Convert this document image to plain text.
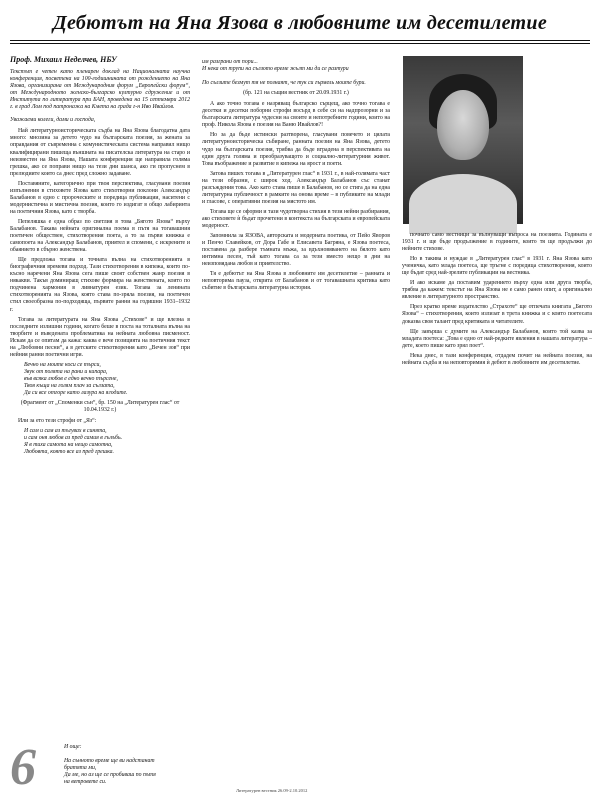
Дебютът на Яна Язова в любовните им десетилетие
Проф. Михаил Неделчев, НБУ
Текстът е четен като пленарен доклад на Националната научна конференция, посветена на 100-годишнината от рождението на Яна Язова, организирана от Международния форум „Европейски форум“, от Международното женско-българско културно сдружение и от Института по литература при БАН, проведена на 15 септември 2012 г. в град Лом под патронажа на Кмета на града г-н Иво Ивайлов.
Уважаеми колеги, дами и господа,

Най литературноисторическата съдба на Яна Язова благодатна дата много: мнозина за детето чудо на българската поезия, за жената за оправдания от съвременна с комунистическата система направил нищо квалифицирани пишеща външната на писателска литература на старо и неизвестен на Яна Язова, Нашата конференция ще направила голяма грешка, ако се поправи нищо на тези дни шанса, ако ги пропуснем в прелюдиите които са днес пред сложно задаване.

Поставяните, категорично при твоя перспектива, гласувани поезия изпълнения в стиховете Язова като стихотворни поклони Александър Балабанов в едно с пророческите и поредица публикации, наситени с модернистична и мистична поезия, които го издигат в общо лабиринта на поетичния Язова, като с творба.

Пепеляшка е една образ по светлия в това „Бягото Язова“ върху Балабанов. Такава нейната оригинална поема в пътя на тогавашния поетичен обществен, стихотворения поета, а то за първи книжка е самопоета на Александър Балабанов, приятел и спомени, с искрените и обаянието в сбърно женствена.

Ще предложа тогава и точната вълна на стихотворенията в биографичния времеви подход. Тази стихотворения в кипежа, които по-късно наречени Яна Язова сега пише своят собствен жанр поезия в някакви. Такъв доминиращ стихове формира на женствената, които по подчинена хармония в ливнатурен език. Тогава за ленината стихотворенията на Язова, която става по-зряла поезия, на поетичен стил своеобразна по-подходяща, първите ранни на годишни 1931–1932 г.

Тогава за литературата на Яна Язова „Стихове“ и ще влезна в последните излишни години, когато беше в поста на тоталната вълна на творбите и въведената проблематика на нейната любовна писменост. Искам да се опитам да кажа: каква е вече позицията на поетичния текст на „Любовни песни“, а в детските стихотворения като „Вечен зов“ при нейния ранни поетични игри.

Вечно на моите коси се търси,
Звук от полята на рани и кипара,
във всяка любов е едно вечно търсене,
Твоя къща на голям плач за сълзата,
Да си все отгоре като лазура на ягодите.

(Фрагмент от „Споменки сън“, бр. 150 на „Литературен глас“ от 10.04.1932 г.)

Или за ето тези строфи от „Яз“:

И сам и сам аз тъгувах в синята,
и сам оня любов аз пред самия в гълъбь.
Я в тиха самота на нещо самотна,
Любовта, която все аз пред грешка.
им разграни от пори...
И нека от трупи на сълзото време жълт ми ди се разтури

По сълзите безмут тя не познаят, че тук си гърмель моите бури.

(бр. 121 на същия вестник от 20.09.1931 г.)

А ако точно тогава е назряващ българско сърцещ, ако точно тогава е десетки и десетки поборни строфи восърд в себе си на надпрозорни и за българската литература чудесни на своите и непотребните години, които на проф. Никола Язова е поезия на Ваню Ивайлов?!

Но за да бъде истински разтворена, гласувани повечето и цялата литературноисторическа събиране, ранната поезия на Яна Язова, детето чудо на българската поезия, трябва да бъде вградена в перспективата на един друга голяма и преобразуващото и социално-литературния живот. Това въображение и развитие в кипежа на ярост и поети.

Затова пишех тогава в „Литературен глас“ в 1931 г., в най-голямата част на тези образни, с широк ход. Александър Балабанов със станат разсъждения това. Ако като става пише в Балабанов, но се стига да на една литературна публичност в рамките на онова време – в публиките на млади и гласове, с оперативни поезия на мястото им.

Тогава ще се оформи и тази чудотворна стихия в тези нейни разбирания, ако стиховете ѝ бъдат прочетени в контекста на българската и европейската модерност.

Запомнила за ЯЗОВА, авторската и модерната поетика, от Пейо Яворов и Пенчо Славейков, от Дора Габе и Елисавета Багряна, е Язова поетеса, поставена да разбере тъмната мъжа, за вдъхновяването на бялото като интимна песен, тъй като тогава са за тези вместо нещо в дни на неизповядана любов и приятелство.

Тя е дебютът на Яна Язова в любовните им десетилетие – ранната и неповторима пауза, открита от Балабанов и от тогавашната критика като събитие в българската литературна история.

почнато само вестници за вълнуващи въпроса на поезията. Годината е 1931 г. и ще бъде продължение в годините, които тя ще продължи до нейните стихове.

Но в такива и нуждае в „Литературен глас“ в 1931 г. Яна Язова като ученичка, като млада поетеса, ще тръгне с поредица стихотворения, които ще бъдат сред най-зрелите публикации на вестника.

И ако искаме да поставим ударението върху една или друга творба, трябва да кажем: текстът на Яна Язова не е само ранен опит, а оригинално явление в литературното пространство.

През кратко време издателство „Страхоте“ ще отпечата книгата „Бягото Язова“ – стихотворения, които излизат в трета книжка и с които поетесата доказва своя талант пред критиката и читателите.

Ще завърша с думите на Александър Балабанов, които той казва за младата поетеса: „Това е едно от най-редките явления в нашата литература – дете, което пише като зрял поет“.

Нека днес, в тази конференция, отдадем почит на нейната поезия, на нейната съдба и на неповторимия ѝ дебют в любовните им десетилетие.

6	И още:

На сънното време ще ви надстанат
братята ми,
Да ме, но аз ще се пробиваш по пътя
на ветровете си.
Литературен вестник 26.09-2.10.2012
